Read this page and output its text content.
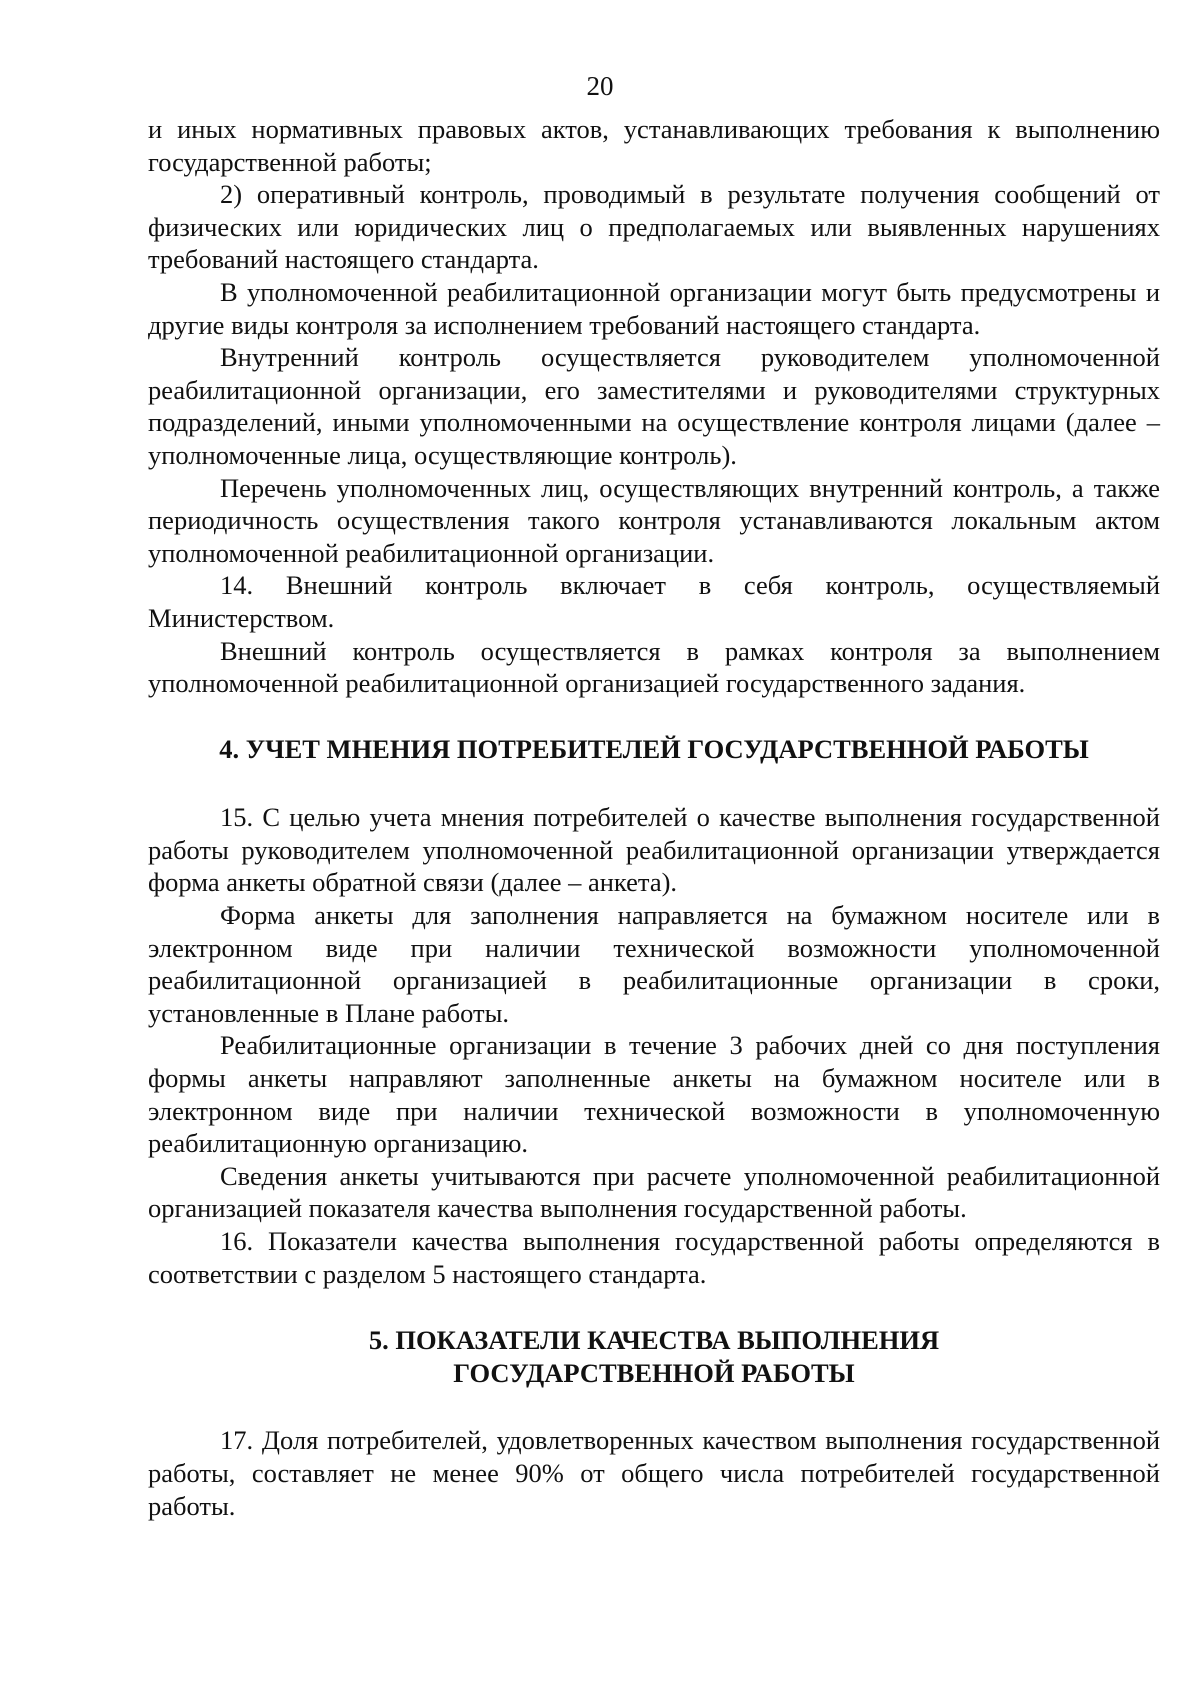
20

и иных нормативных правовых актов, устанавливающих требования к выполнению государственной работы;

2) оперативный контроль, проводимый в результате получения сообщений от физических или юридических лиц о предполагаемых или выявленных нарушениях требований настоящего стандарта.

В уполномоченной реабилитационной организации могут быть предусмотрены и другие виды контроля за исполнением требований настоящего стандарта.

Внутренний контроль осуществляется руководителем уполномоченной реабилитационной организации, его заместителями и руководителями структурных подразделений, иными уполномоченными на осуществление контроля лицами (далее – уполномоченные лица, осуществляющие контроль).

Перечень уполномоченных лиц, осуществляющих внутренний контроль, а также периодичность осуществления такого контроля устанавливаются локальным актом уполномоченной реабилитационной организации.

14. Внешний контроль включает в себя контроль, осуществляемый Министерством.

Внешний контроль осуществляется в рамках контроля за выполнением уполномоченной реабилитационной организацией государственного задания.

4. УЧЕТ МНЕНИЯ ПОТРЕБИТЕЛЕЙ ГОСУДАРСТВЕННОЙ РАБОТЫ

15. С целью учета мнения потребителей о качестве выполнения государственной работы руководителем уполномоченной реабилитационной организации утверждается форма анкеты обратной связи (далее – анкета).

Форма анкеты для заполнения направляется на бумажном носителе или в электронном виде при наличии технической возможности уполномоченной реабилитационной организацией в реабилитационные организации в сроки, установленные в Плане работы.

Реабилитационные организации в течение 3 рабочих дней со дня поступления формы анкеты направляют заполненные анкеты на бумажном носителе или в электронном виде при наличии технической возможности в уполномоченную реабилитационную организацию.

Сведения анкеты учитываются при расчете уполномоченной реабилитационной организацией показателя качества выполнения государственной работы.

16. Показатели качества выполнения государственной работы определяются в соответствии с разделом 5 настоящего стандарта.

5. ПОКАЗАТЕЛИ КАЧЕСТВА ВЫПОЛНЕНИЯ

ГОСУДАРСТВЕННОЙ РАБОТЫ

17. Доля потребителей, удовлетворенных качеством выполнения государственной работы, составляет не менее 90% от общего числа потребителей государственной работы.
